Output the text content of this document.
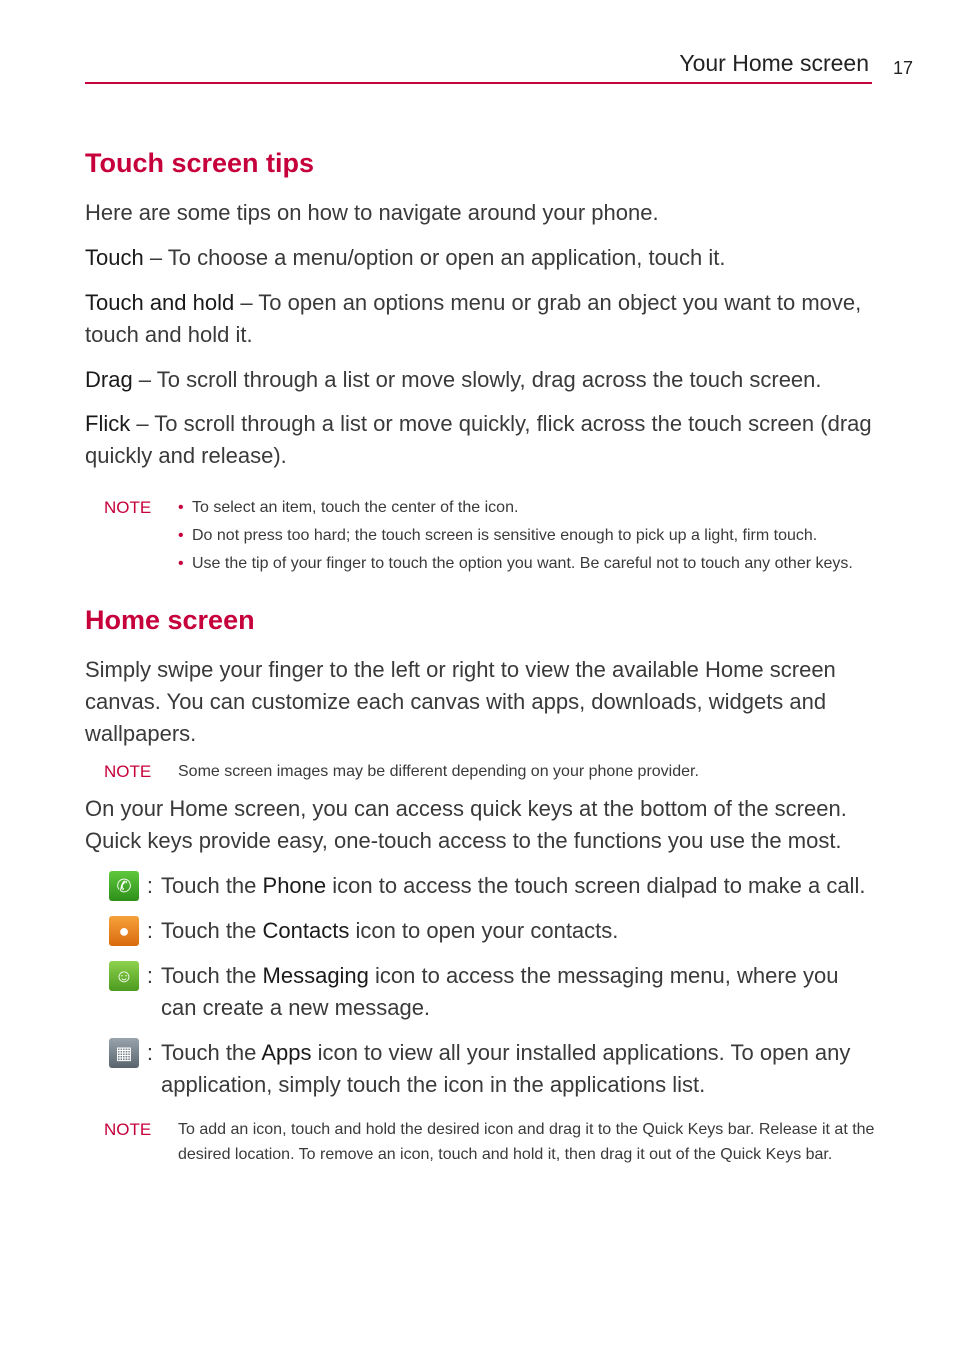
Your Home screen 17
Touch screen tips

Here are some tips on how to navigate around your phone.

Touch – To choose a menu/option or open an application, touch it.

Touch and hold – To open an options menu or grab an object you want to move, touch and hold it.

Drag – To scroll through a list or move slowly, drag across the touch screen.

Flick – To scroll through a list or move quickly, flick across the touch screen (drag quickly and release).

NOTE
•	To select an item, touch the center of the icon.
• Do not press too hard; the touch screen is sensitive enough to pick up a light, firm touch.
• Use the tip of your finger to touch the option you want. Be careful not to touch any other keys.
Home screen

Simply swipe your finger to the left or right to view the available Home screen canvas. You can customize each canvas with apps, downloads, widgets and wallpapers.

NOTE	Some screen images may be different depending on your phone provider.

On your Home screen, you can access quick keys at the bottom of the screen. Quick keys provide easy, one-touch access to the functions you use the most.

✆ : Touch the Phone icon to access the touch screen dialpad to make a call.
● : Touch the Contacts icon to open your contacts.
☺ : Touch the Messaging icon to access the messaging menu, where you can create a new message.
▦ : Touch the Apps icon to view all your installed applications. To open any application, simply touch the icon in the applications list.
NOTE	To add an icon, touch and hold the desired icon and drag it to the Quick Keys bar. Release it at the desired location. To remove an icon, touch and hold it, then drag it out of the Quick Keys bar.
